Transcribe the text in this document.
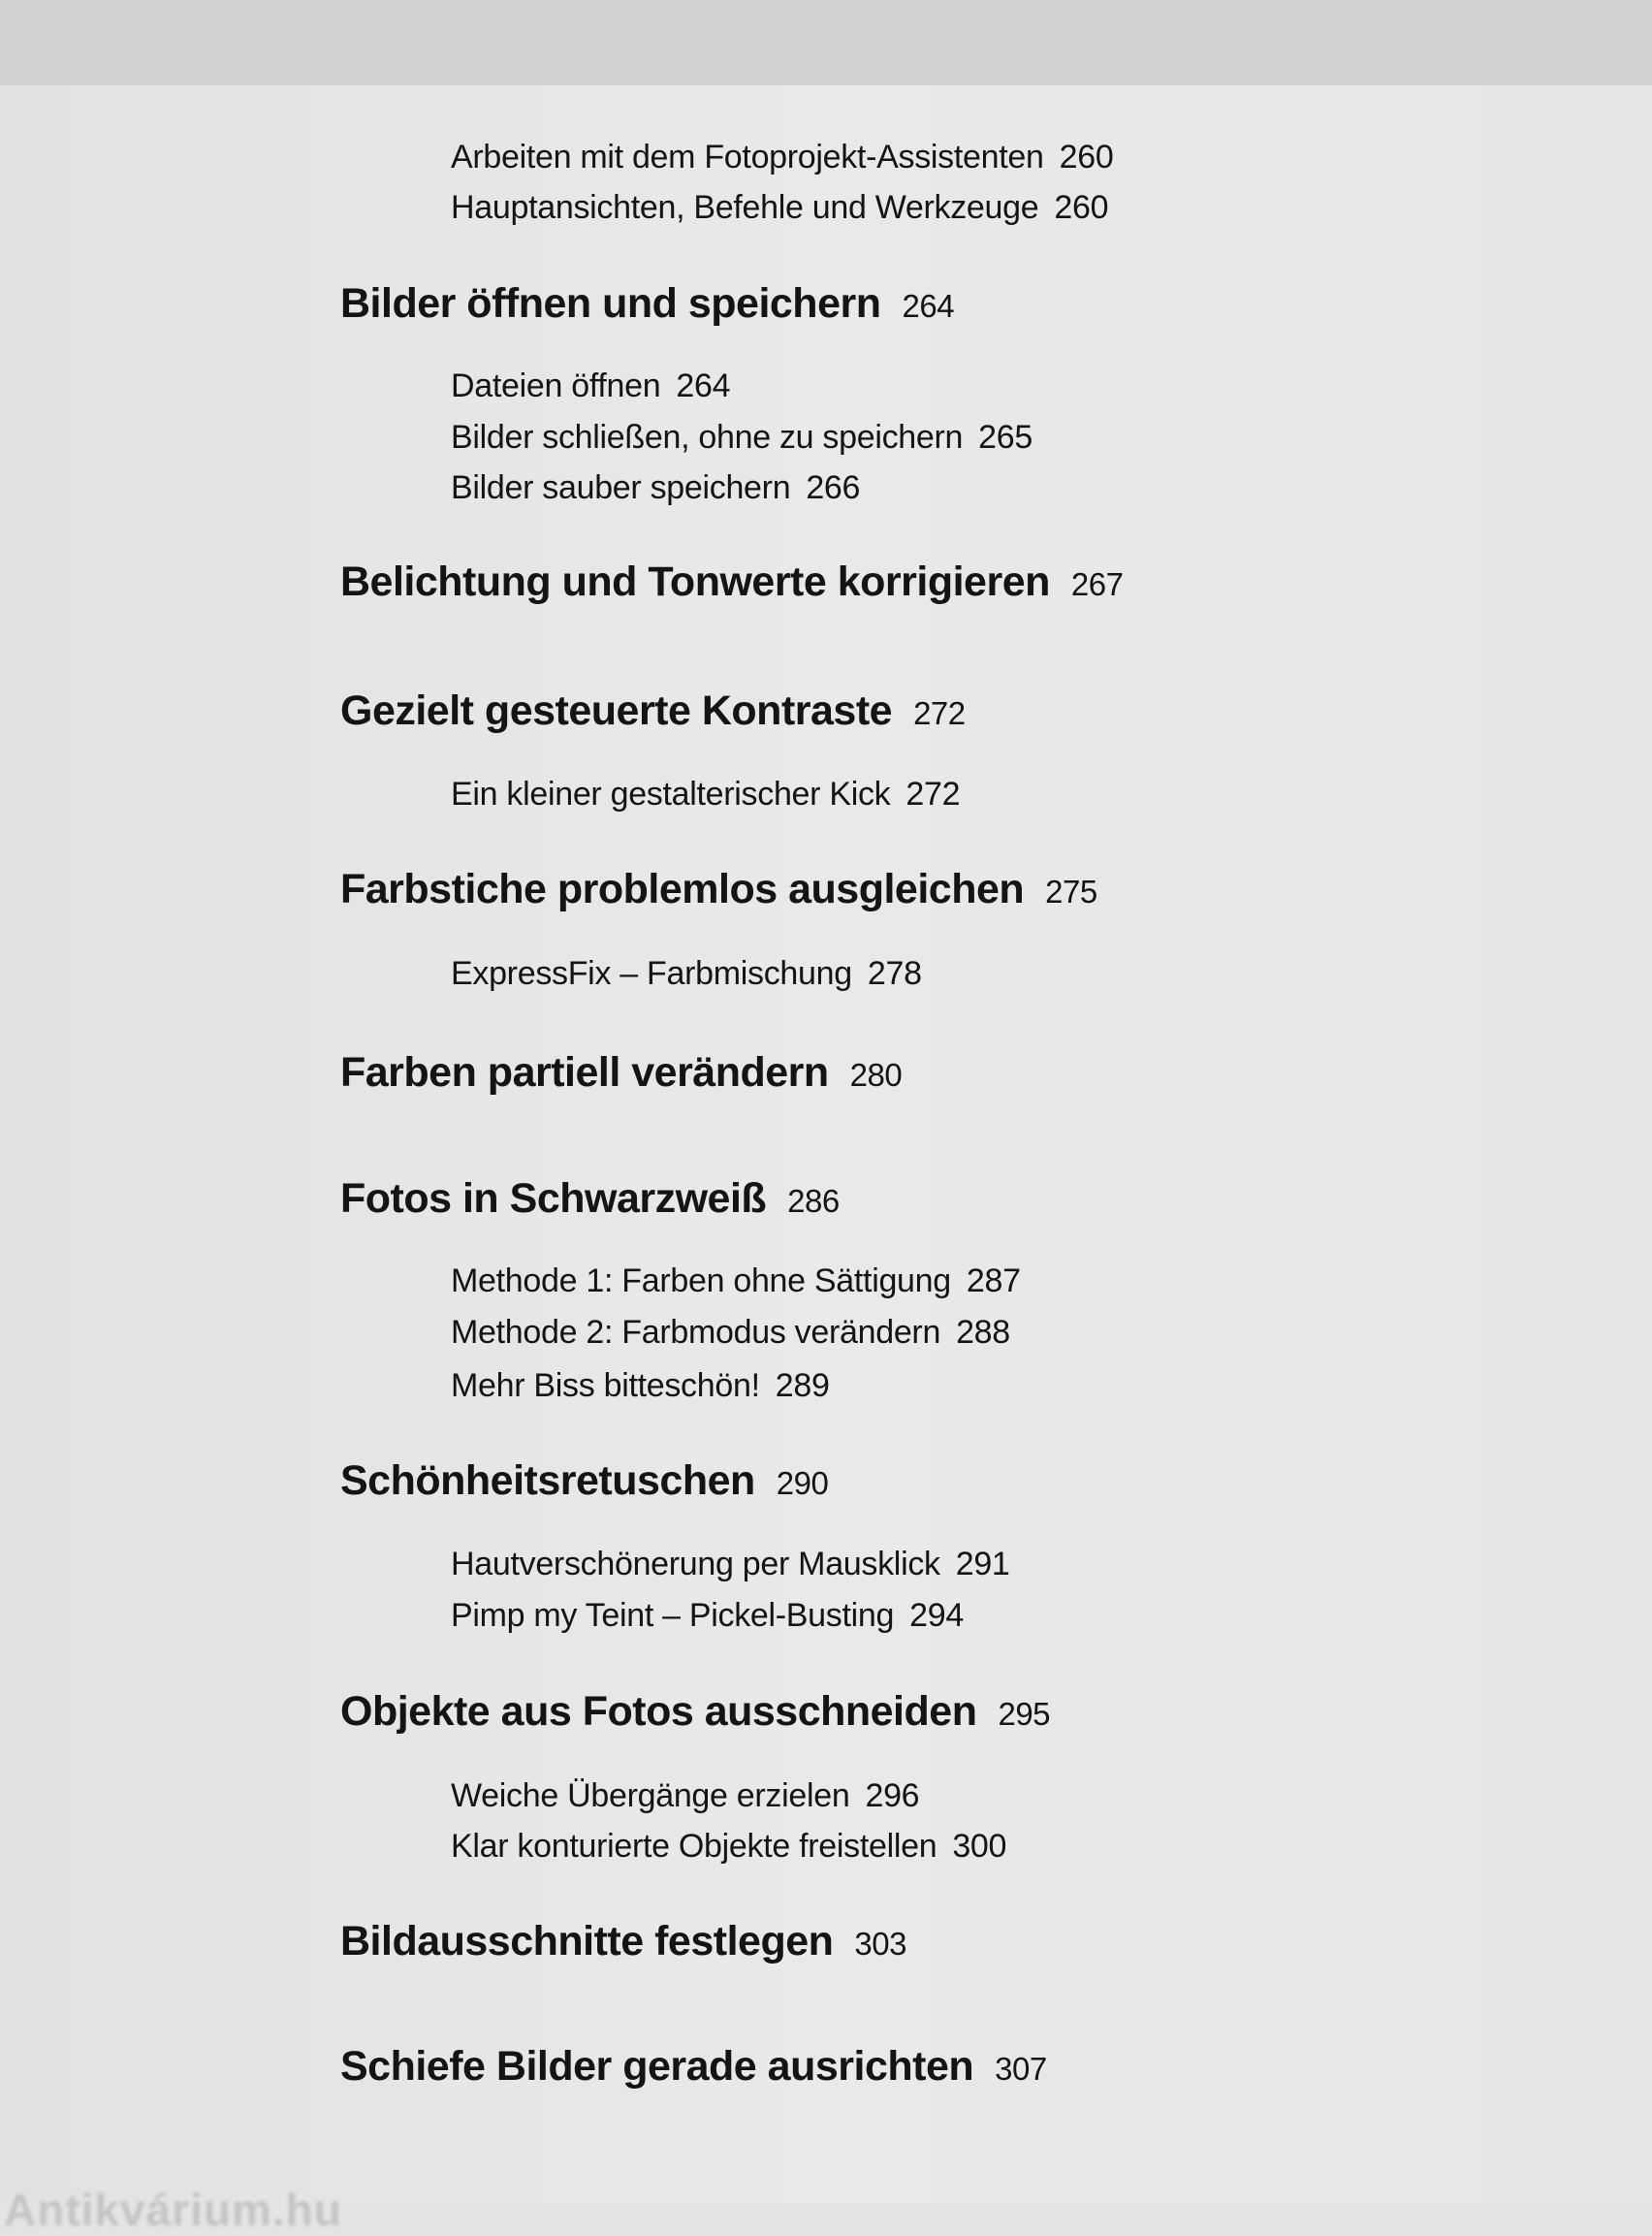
Arbeiten mit dem Fotoprojekt-Assistenten 260
Hauptansichten, Befehle und Werkzeuge 260
Bilder öffnen und speichern 264
Dateien öffnen 264
Bilder schließen, ohne zu speichern 265
Bilder sauber speichern 266
Belichtung und Tonwerte korrigieren 267
Gezielt gesteuerte Kontraste 272
Ein kleiner gestalterischer Kick 272
Farbstiche problemlos ausgleichen 275
ExpressFix – Farbmischung 278
Farben partiell verändern 280
Fotos in Schwarzweiß 286
Methode 1: Farben ohne Sättigung 287
Methode 2: Farbmodus verändern 288
Mehr Biss bitteschön! 289
Schönheitsretuschen 290
Hautverschönerung per Mausklick 291
Pimp my Teint – Pickel-Busting 294
Objekte aus Fotos ausschneiden 295
Weiche Übergänge erzielen 296
Klar konturierte Objekte freistellen 300
Bildausschnitte festlegen 303
Schiefe Bilder gerade ausrichten 307
Antikvárium.hu
